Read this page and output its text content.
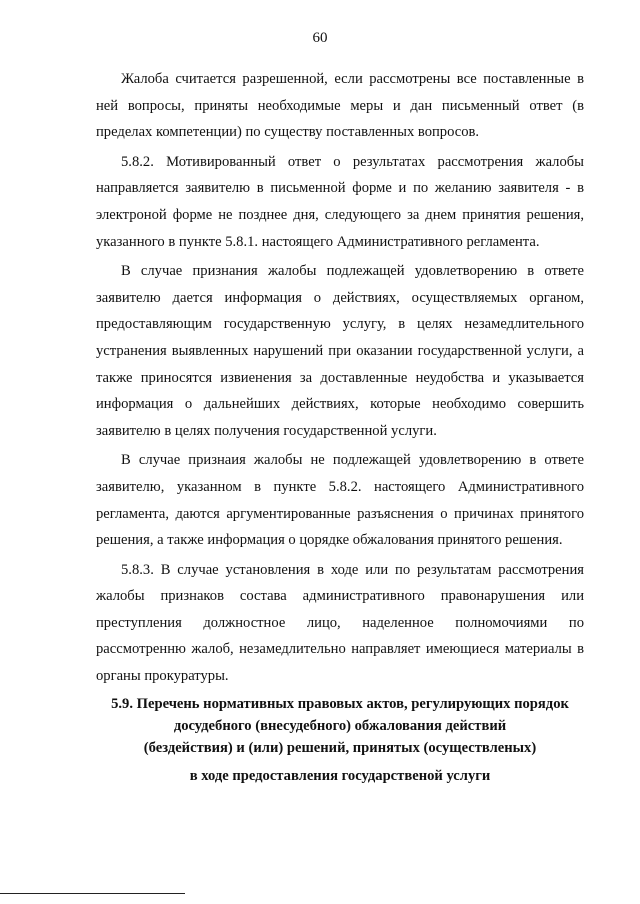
60

Жалоба считается разрешенной, если рассмотрены все поставленные в ней вопросы, приняты необходимые меры и дан письменный ответ (в пределах компетенции) по существу поставленных вопросов.

5.8.2. Мотивированный ответ о результатах рассмотрения жалобы направляется заявителю в письменной форме и по желанию заявителя - в электроной форме не позднее дня, следующего за днем принятия решения, указанного в пункте 5.8.1. настоящего Административного регламента.

В случае признания жалобы подлежащей удовлетворению в ответе заявителю дается информация о действиях, осуществляемых органом, предоставляющим государственную услугу, в целях незамедлительного устранения выявленных нарушений при оказании государственной услуги, а также приносятся извиенения за доставленные неудобства и указывается информация о дальнейших действиях, которые необходимо совершить заявителю в целях получения государственной услуги.

В случае признаия жалобы не подлежащей удовлетворению в ответе заявителю, указанном в пункте 5.8.2. настоящего Административного регламента, даются аргументированные разъяснения о причинах принятого решения, а также информация о цорядке обжалования принятого решения.

5.8.3. В случае установления в ходе или по результатам рассмотрения жалобы признаков состава административного правонарушения или преступления должностное лицо, наделенное полномочиями по рассмотренню жалоб, незамедлительно направляет имеющиеся материалы в органы прокуратуры.

5.9. Перечень нормативных правовых актов, регулирующих порядок
досудебного (внесудебного) обжалования действий
(бездействия) и (или) решений, принятых (осуществленых)
в ходе предоставления государственой услуги
